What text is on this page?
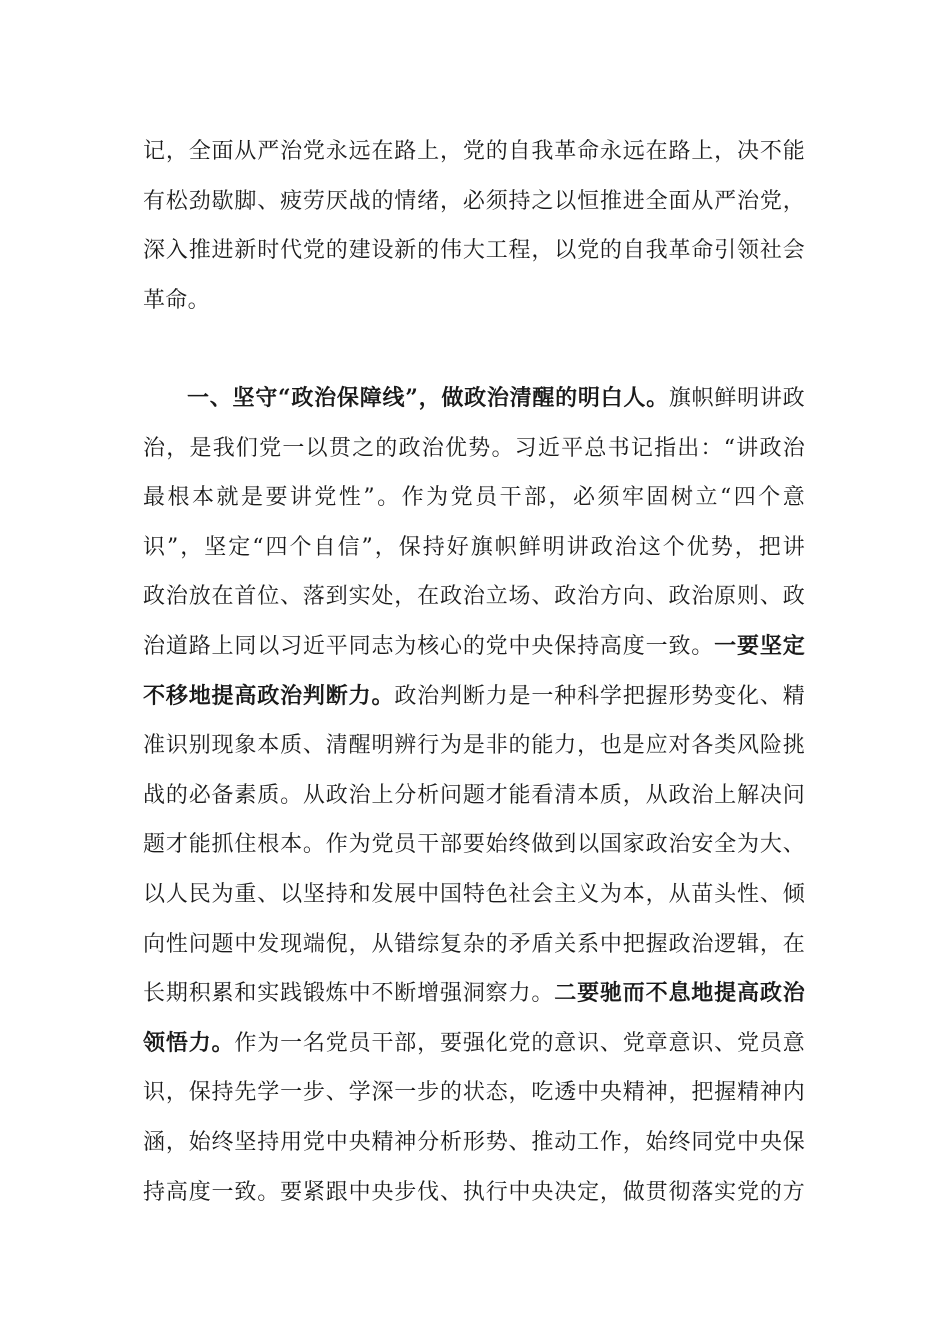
记，全面从严治党永远在路上，党的自我革命永远在路上，决不能
有松劲歇脚、疲劳厌战的情绪，必须持之以恒推进全面从严治党，
深入推进新时代党的建设新的伟大工程，以党的自我革命引领社会
革命。
一、坚守“政治保障线”，做政治清醒的明白人。旗帜鲜明讲政
治，是我们党一以贯之的政治优势。习近平总书记指出：“讲政治
最根本就是要讲党性”。作为党员干部，必须牢固树立“四个意
识”，坚定“四个自信”，保持好旗帜鲜明讲政治这个优势，把讲
政治放在首位、落到实处，在政治立场、政治方向、政治原则、政
治道路上同以习近平同志为核心的党中央保持高度一致。一要坚定
不移地提高政治判断力。政治判断力是一种科学把握形势变化、精
准识别现象本质、清醒明辨行为是非的能力，也是应对各类风险挑
战的必备素质。从政治上分析问题才能看清本质，从政治上解决问
题才能抓住根本。作为党员干部要始终做到以国家政治安全为大、
以人民为重、以坚持和发展中国特色社会主义为本，从苗头性、倾
向性问题中发现端倪，从错综复杂的矛盾关系中把握政治逻辑，在
长期积累和实践锻炼中不断增强洞察力。二要驰而不息地提高政治
领悟力。作为一名党员干部，要强化党的意识、党章意识、党员意
识，保持先学一步、学深一步的状态，吃透中央精神，把握精神内
涵，始终坚持用党中央精神分析形势、推动工作，始终同党中央保
持高度一致。要紧跟中央步伐、执行中央决定，做贯彻落实党的方
